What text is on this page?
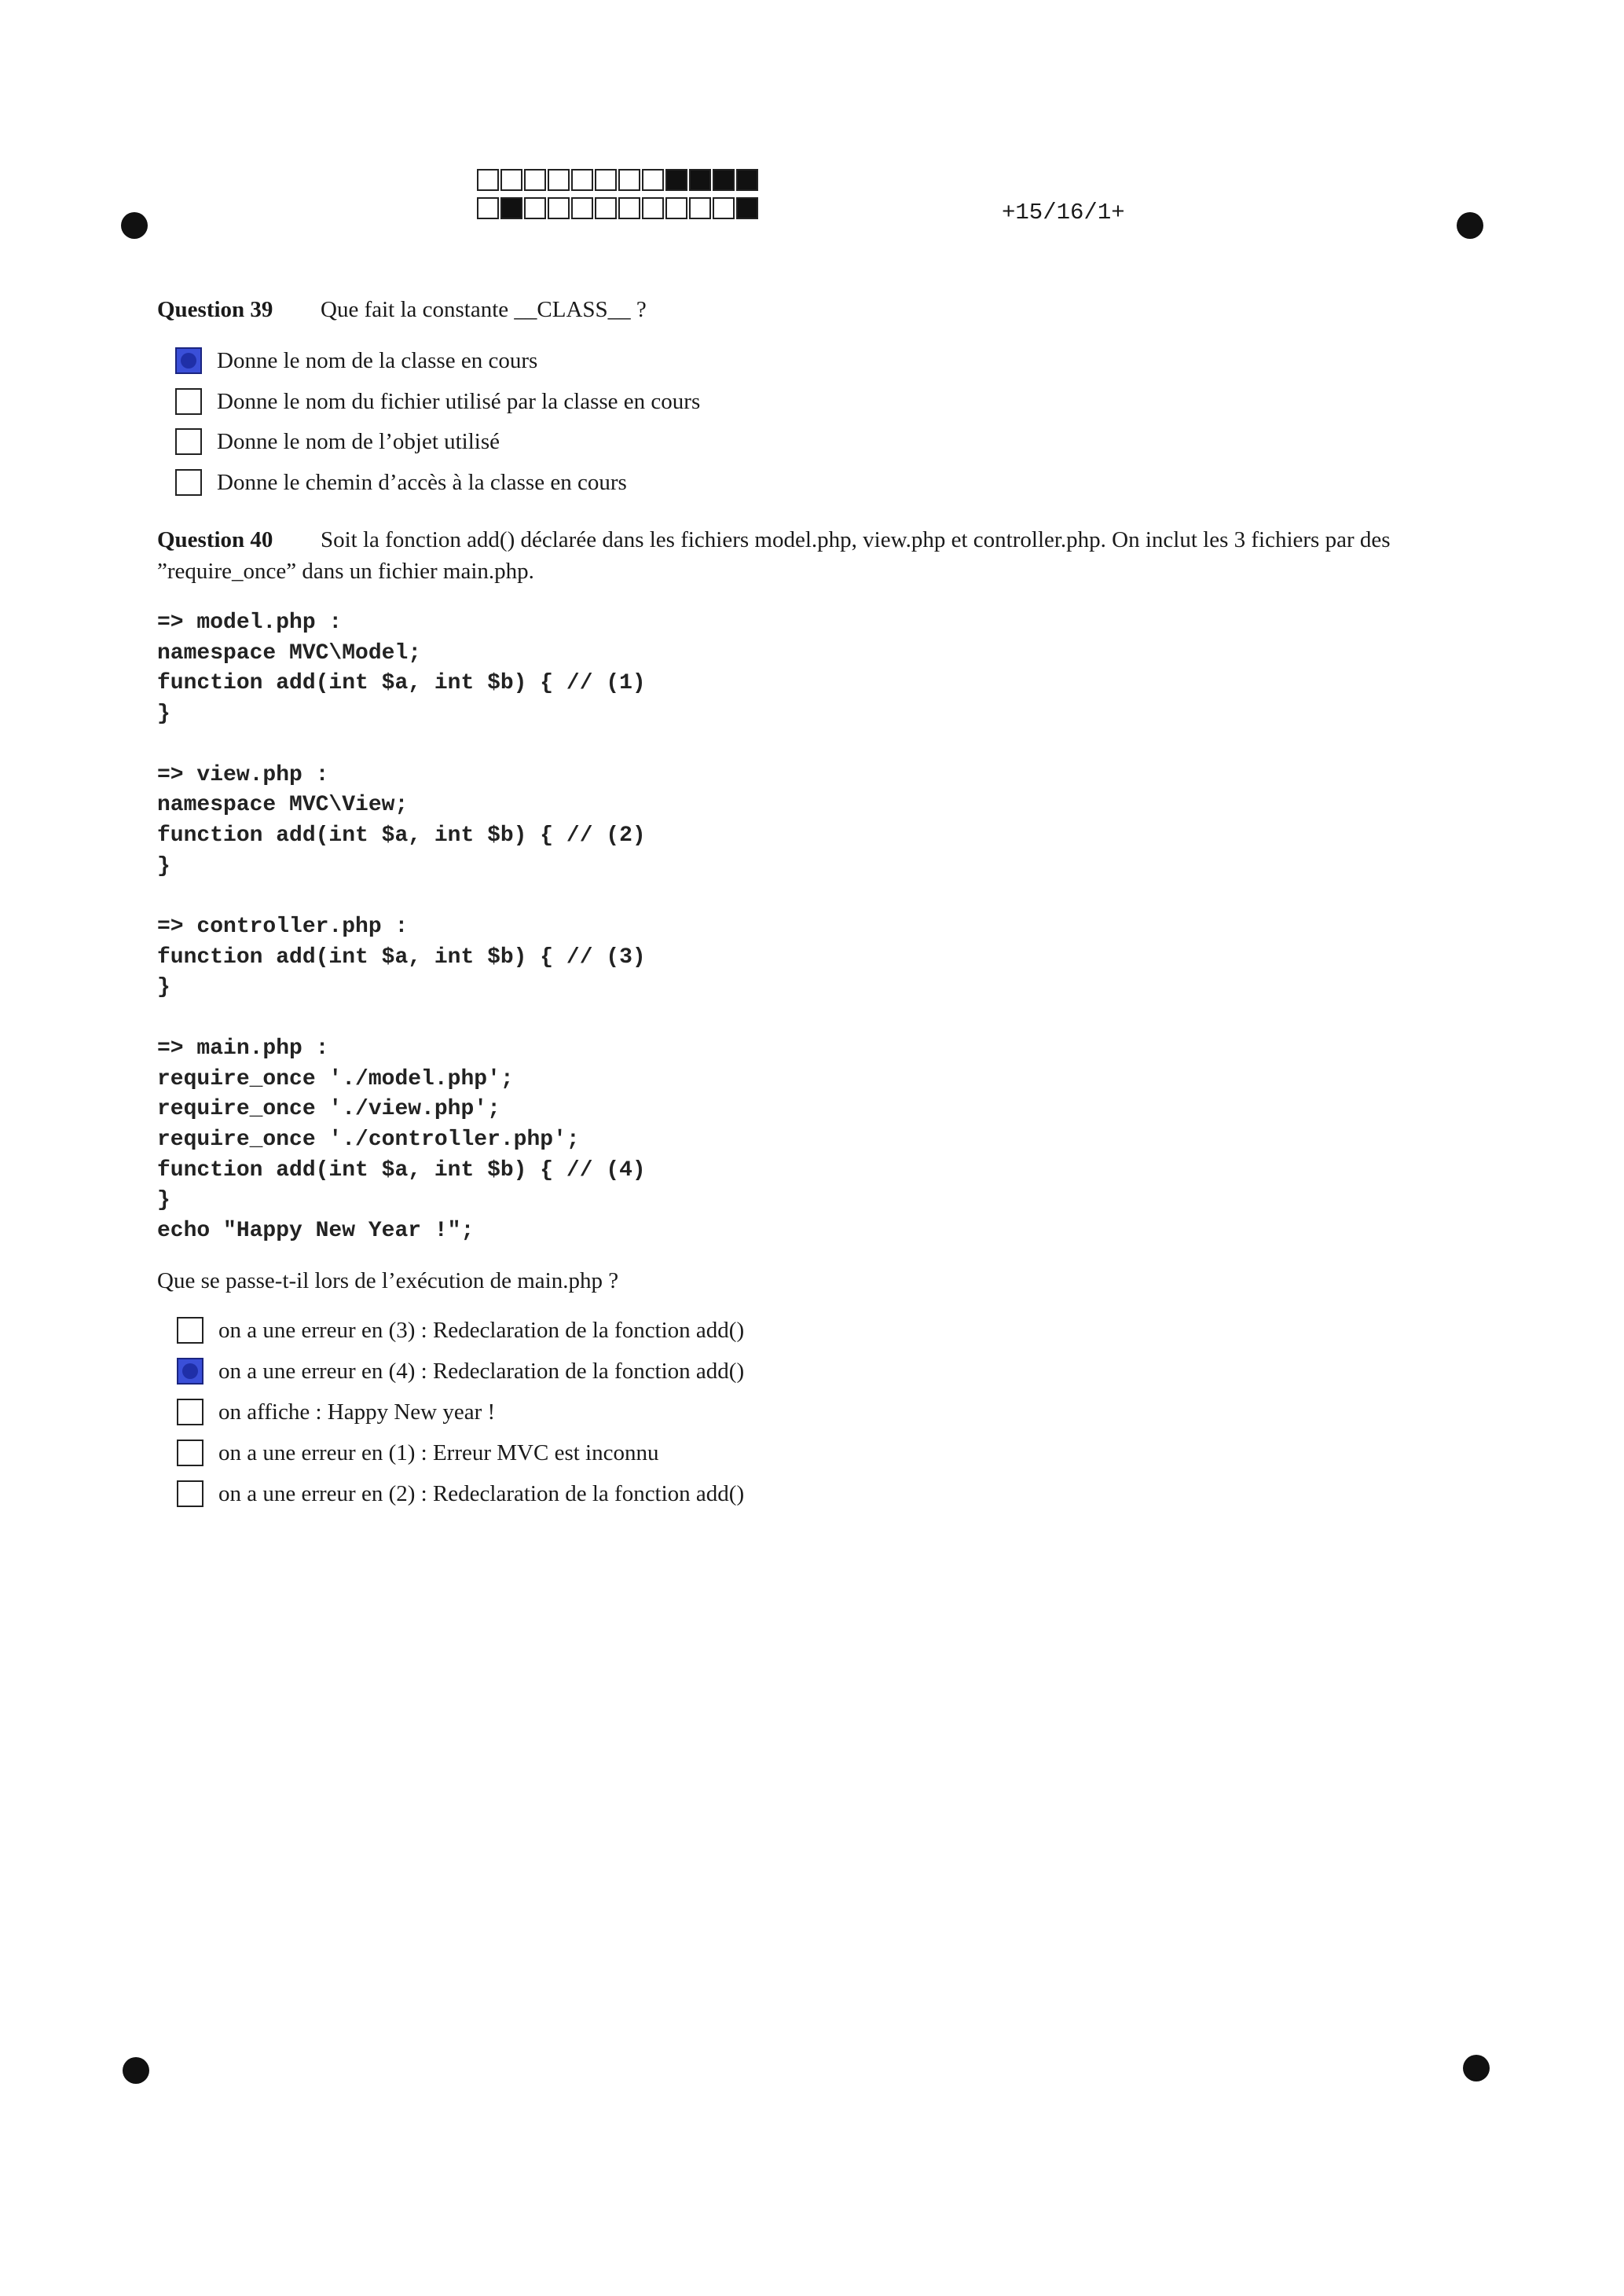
+15/16/1+
Question 39 Que fait la constante __CLASS__ ?
Donne le nom de la classe en cours
Donne le nom du fichier utilisé par la classe en cours
Donne le nom de l’objet utilisé
Donne le chemin d’accès à la classe en cours
Question 40 Soit la fonction add() déclarée dans les fichiers model.php, view.php et controller.php. On inclut les 3 fichiers par des ”require_once” dans un fichier main.php.
=> model.php :
namespace MVC\Model;
function add(int $a, int $b) { // (1)
}

=> view.php :
namespace MVC\View;
function add(int $a, int $b) { // (2)
}

=> controller.php :
function add(int $a, int $b) { // (3)
}

=> main.php :
require_once './model.php';
require_once './view.php';
require_once './controller.php';
function add(int $a, int $b) { // (4)
}
echo "Happy New Year !";
Que se passe-t-il lors de l’exécution de main.php ?
on a une erreur en (3) : Redeclaration de la fonction add()
on a une erreur en (4) : Redeclaration de la fonction add()
on affiche : Happy New year !
on a une erreur en (1) : Erreur MVC est inconnu
on a une erreur en (2) : Redeclaration de la fonction add()
